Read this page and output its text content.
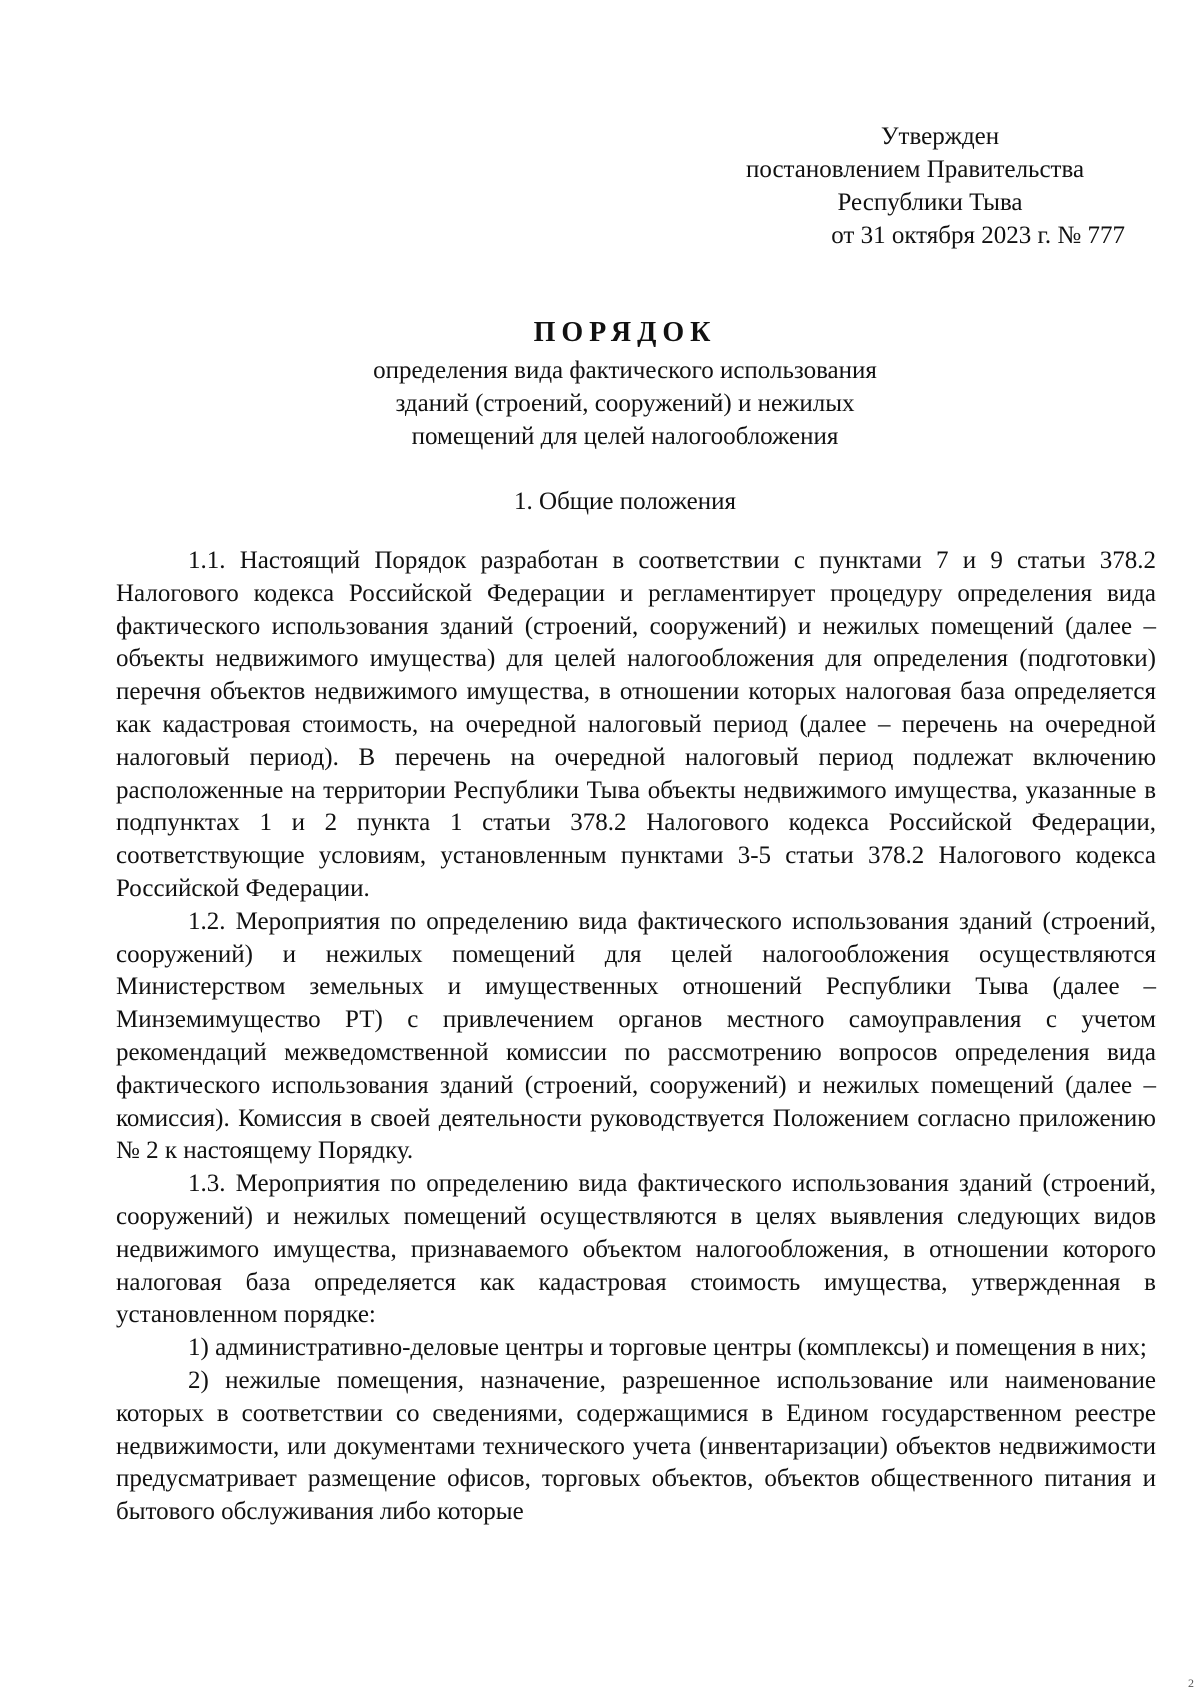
Утвержден
постановлением Правительства
Республики Тыва
от 31 октября 2023 г. № 777
ПОРЯДОК
определения вида фактического использования
зданий (строений, сооружений) и нежилых
помещений для целей налогообложения
1. Общие положения

1.1. Настоящий Порядок разработан в соответствии с пунктами 7 и 9 статьи 378.2 Налогового кодекса Российской Федерации и регламентирует процедуру определения вида фактического использования зданий (строений, сооружений) и нежилых помещений (далее – объекты недвижимого имущества) для целей налогообложения для определения (подготовки) перечня объектов недвижимого имущества, в отношении которых налоговая база определяется как кадастровая стоимость, на очередной налоговый период (далее – перечень на очередной налоговый период). В перечень на очередной налоговый период подлежат включению расположенные на территории Республики Тыва объекты недвижимого имущества, указанные в подпунктах 1 и 2 пункта 1 статьи 378.2 Налогового кодекса Российской Федерации, соответствующие условиям, установленным пунктами 3-5 статьи 378.2 Налогового кодекса Российской Федерации.

1.2. Мероприятия по определению вида фактического использования зданий (строений, сооружений) и нежилых помещений для целей налогообложения осуществляются Министерством земельных и имущественных отношений Республики Тыва (далее – Минземимущество РТ) с привлечением органов местного самоуправления с учетом рекомендаций межведомственной комиссии по рассмотрению вопросов определения вида фактического использования зданий (строений, сооружений) и нежилых помещений (далее – комиссия). Комиссия в своей деятельности руководствуется Положением согласно приложению № 2 к настоящему Порядку.

1.3. Мероприятия по определению вида фактического использования зданий (строений, сооружений) и нежилых помещений осуществляются в целях выявления следующих видов недвижимого имущества, признаваемого объектом налогообложения, в отношении которого налоговая база определяется как кадастровая стоимость имущества, утвержденная в установленном порядке:

1) административно-деловые центры и торговые центры (комплексы) и помещения в них;

2) нежилые помещения, назначение, разрешенное использование или наименование которых в соответствии со сведениями, содержащимися в Едином государственном реестре недвижимости, или документами технического учета (инвентаризации) объектов недвижимости предусматривает размещение офисов, торговых объектов, объектов общественного питания и бытового обслуживания либо которые

2
